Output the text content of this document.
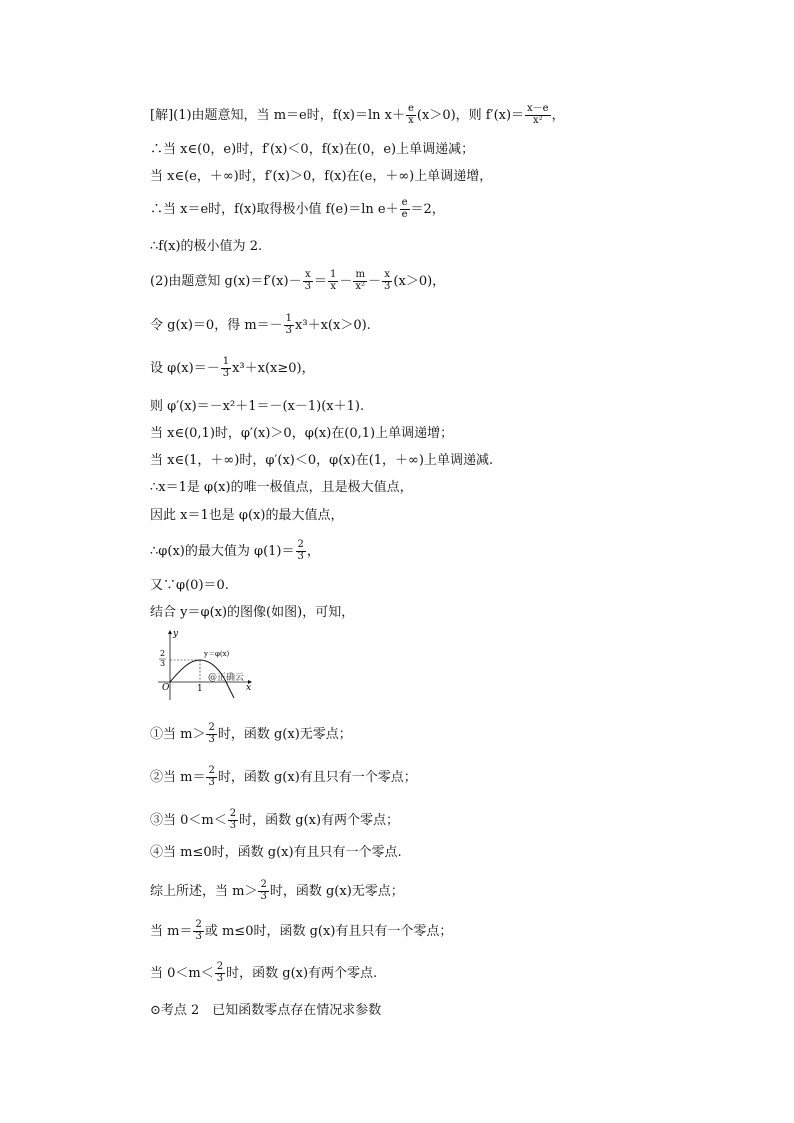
[解](1)由题意知，当 m＝e时，f(x)＝ln $x+ \frac{e}{x} (x>0)$，则 $f'(x)= \frac{x-e}{\text{x²}}$ ，
∴当 x∈(0，e)时，f′(x)＜0，f(x)在(0，e)上单调递减；
当 x∈(e，＋∞)时，f′(x)＞0，f(x)在(e，＋∞)上单调递增，
∴当 x＝e时，f(x)取得极小值 f(e)＝ln $e+ \frac{e}{e} =2$，
∴f(x)的极小值为 2.
(2)由题意知 $g(x)=f'(x)- \frac{x}{3} = \frac{1}{x} - \frac{m}{\text{x²}} - \frac{x}{3} (x>0)$，
令 g(x)＝0，得 $m=- \frac{1}{3} x^3+x(x>0)$.
设 $\varphi(x)=- \frac{1}{3} x^3+x(x\ge 0)$，
则 φ′(x)＝－x²＋1＝－(x－1)(x＋1).
当 x∈(0,1)时，φ′(x)＞0，φ(x)在(0,1)上单调递增；
当 x∈(1，＋∞)时，φ′(x)＜0，φ(x)在(1，＋∞)上单调递减.
∴x＝1是 φ(x)的唯一极值点，且是极大值点，
因此 x＝1也是 φ(x)的最大值点，
∴φ(x)的最大值为 $\varphi(1)= \frac{2}{3}$ ，
又∵φ(0)＝0.
结合 y＝φ(x)的图像(如图)，可知，
y
x
O	1
2
3
y＝φ(x)
@正确云
①当 $m> \frac{2}{3}$ 时，函数 g(x)无零点；
②当 $m= \frac{2}{3}$ 时，函数 g(x)有且只有一个零点；
③当 $0<m< \frac{2}{3}$ 时，函数 g(x)有两个零点；
④当 m≤0时，函数 g(x)有且只有一个零点.
综上所述，当 $m> \frac{2}{3}$ 时，函数 g(x)无零点；
当 $m= \frac{2}{3}$ 或 m≤0时，函数 g(x)有且只有一个零点；
当 $0<m< \frac{2}{3}$ 时，函数 g(x)有两个零点.
⊙考点 2　已知函数零点存在情况求参数
